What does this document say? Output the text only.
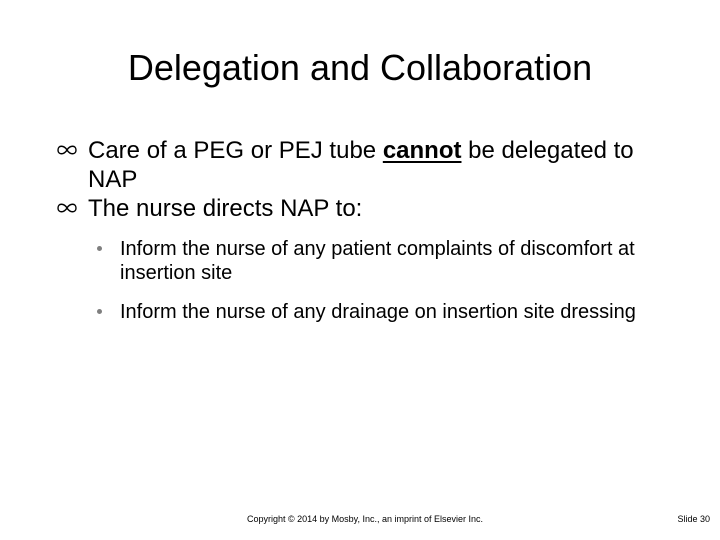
Delegation and Collaboration
Care of a PEG or PEJ tube cannot be delegated to NAP
The nurse directs NAP to:
Inform the nurse of any patient complaints of discomfort at insertion site
Inform the nurse of any drainage on insertion site dressing
Copyright © 2014 by Mosby, Inc., an imprint of Elsevier Inc.	Slide 30
